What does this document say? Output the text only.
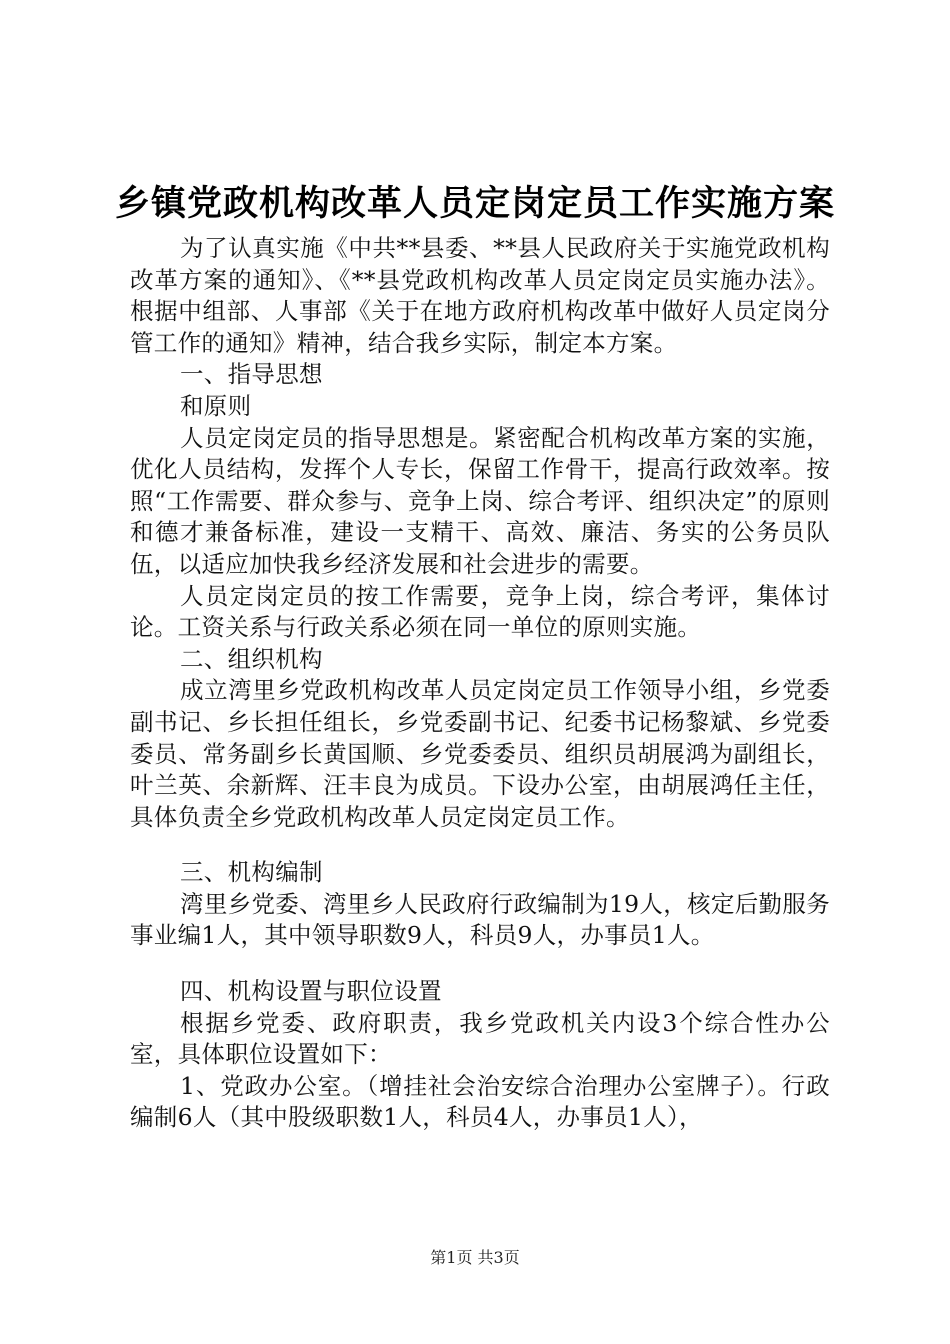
乡镇党政机构改革人员定岗定员工作实施方案

为了认真实施《中共**县委、**县人民政府关于实施党政机构改革方案的通知》、《**县党政机构改革人员定岗定员实施办法》。根据中组部、人事部《关于在地方政府机构改革中做好人员定岗分管工作的通知》精神，结合我乡实际，制定本方案。

一、指导思想

和原则

人员定岗定员的指导思想是。紧密配合机构改革方案的实施，优化人员结构，发挥个人专长，保留工作骨干，提高行政效率。按照“工作需要、群众参与、竞争上岗、综合考评、组织决定”的原则和德才兼备标准，建设一支精干、高效、廉洁、务实的公务员队伍，以适应加快我乡经济发展和社会进步的需要。

人员定岗定员的按工作需要，竞争上岗，综合考评，集体讨论。工资关系与行政关系必须在同一单位的原则实施。

二、组织机构

成立湾里乡党政机构改革人员定岗定员工作领导小组，乡党委副书记、乡长担任组长，乡党委副书记、纪委书记杨黎斌、乡党委委员、常务副乡长黄国顺、乡党委委员、组织员胡展鸿为副组长，叶兰英、余新辉、汪丰良为成员。下设办公室，由胡展鸿任主任，具体负责全乡党政机构改革人员定岗定员工作。

三、机构编制

湾里乡党委、湾里乡人民政府行政编制为19人，核定后勤服务事业编1人，其中领导职数9人，科员9人，办事员1人。

四、机构设置与职位设置

根据乡党委、政府职责，我乡党政机关内设3个综合性办公室，具体职位设置如下：

1、党政办公室。（增挂社会治安综合治理办公室牌子）。行政编制6人（其中股级职数1人，科员4人，办事员1人），

第1页 共3页
